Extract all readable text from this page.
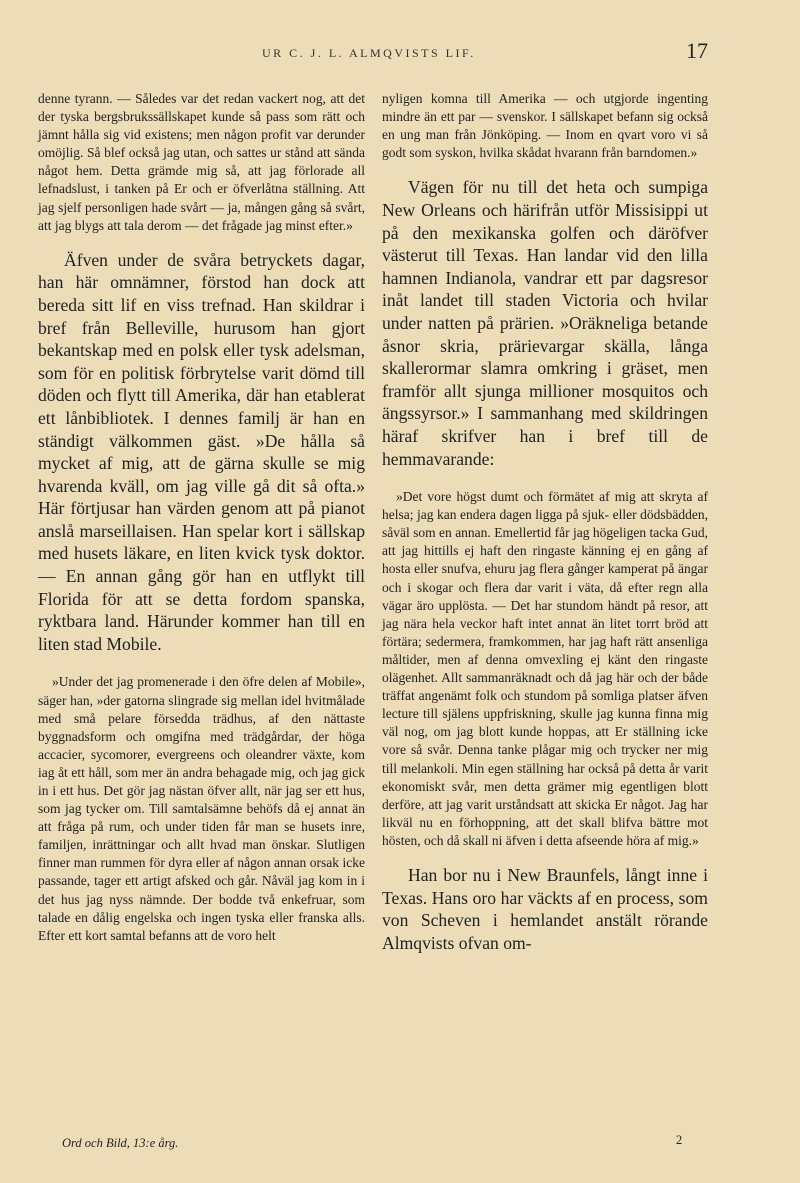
UR C. J. L. ALMQVISTS LIF.	17

denne tyrann. — Således var det redan vackert nog, att det der tyska bergsbrukssällskapet kunde så pass som rätt och jämnt hålla sig vid existens; men någon profit var derunder omöjlig. Så blef också jag utan, och sattes ur stånd att sända något hem. Detta grämde mig så, att jag förlorade all lefnadslust, i tanken på Er och er öfverlåtna ställning. Att jag sjelf personligen hade svårt — ja, mången gång så svårt, att jag blygs att tala derom — det frågade jag minst efter.»

Äfven under de svåra betryckets dagar, han här omnämner, förstod han dock att bereda sitt lif en viss trefnad. Han skildrar i bref från Belleville, hurusom han gjort bekantskap med en polsk eller tysk adelsman, som för en politisk förbrytelse varit dömd till döden och flytt till Amerika, där han etablerat ett lånbibliotek. I dennes familj är han en ständigt välkommen gäst. »De hålla så mycket af mig, att de gärna skulle se mig hvarenda kväll, om jag ville gå dit så ofta.» Här förtjusar han värden genom att på pianot anslå marseillaisen. Han spelar kort i sällskap med husets läkare, en liten kvick tysk doktor. — En annan gång gör han en utflykt till Florida för att se detta fordom spanska, ryktbara land. Härunder kommer han till en liten stad Mobile.

»Under det jag promenerade i den öfre delen af Mobile», säger han, »der gatorna slingrade sig mellan idel hvitmålade med små pelare försedda trädhus, af den nättaste byggnadsform och omgifna med trädgårdar, der höga accacier, sycomorer, evergreens och oleandrer växte, kom iag åt ett håll, som mer än andra behagade mig, och jag gick in i ett hus. Det gör jag nästan öfver allt, när jag ser ett hus, som jag tycker om. Till samtalsämne behöfs då ej annat än att fråga på rum, och under tiden får man se husets inre, familjen, inrättningar och allt hvad man önskar. Slutligen finner man rummen för dyra eller af någon annan orsak icke passande, tager ett artigt afsked och går. Nåväl jag kom in i det hus jag nyss nämnde. Der bodde två enkefruar, som talade en dålig engelska och ingen tyska eller franska alls. Efter ett kort samtal befanns att de voro helt

nyligen komna till Amerika — och utgjorde ingenting mindre än ett par — svenskor. I sällskapet befann sig också en ung man från Jönköping. — Inom en qvart voro vi så godt som syskon, hvilka skådat hvarann från barndomen.»

Vägen för nu till det heta och sumpiga New Orleans och härifrån utför Missisippi ut på den mexikanska golfen och däröfver västerut till Texas. Han landar vid den lilla hamnen Indianola, vandrar ett par dagsresor inåt landet till staden Victoria och hvilar under natten på prärien. »Oräkneliga betande åsnor skria, prärievargar skälla, långa skallerormar slamra omkring i gräset, men framför allt sjunga millioner mosquitos och ängssyrsor.» I sammanhang med skildringen häraf skrifver han i bref till de hemmavarande:

»Det vore högst dumt och förmätet af mig att skryta af helsa; jag kan endera dagen ligga på sjuk- eller dödsbädden, såväl som en annan. Emellertid får jag högeligen tacka Gud, att jag hittills ej haft den ringaste känning ej en gång af hosta eller snufva, ehuru jag flera gånger kamperat på ängar och i skogar och flera dar varit i väta, då efter regn alla vägar äro upplösta. — Det har stundom händt på resor, att jag nära hela veckor haft intet annat än litet torrt bröd att förtära; sedermera, framkommen, har jag haft rätt ansenliga måltider, men af denna omvexling ej känt den ringaste olägenhet. Allt sammanräknadt och då jag här och der både träffat angenämt folk och stundom på somliga platser äfven lecture till själens uppfriskning, skulle jag kunna finna mig väl nog, om jag blott kunde hoppas, att Er ställning icke vore så svår. Denna tanke plågar mig och trycker ner mig till melankoli. Min egen ställning har också på detta år varit ekonomiskt svår, men detta grämer mig egentligen blott derföre, att jag varit urståndsatt att skicka Er något. Jag har likväl nu en förhoppning, att det skall blifva bättre mot hösten, och då skall ni äfven i detta afseende höra af mig.»

Han bor nu i New Braunfels, långt inne i Texas. Hans oro har väckts af en process, som von Scheven i hemlandet anstält rörande Almqvists ofvan om-

Ord och Bild, 13:e årg.	2
